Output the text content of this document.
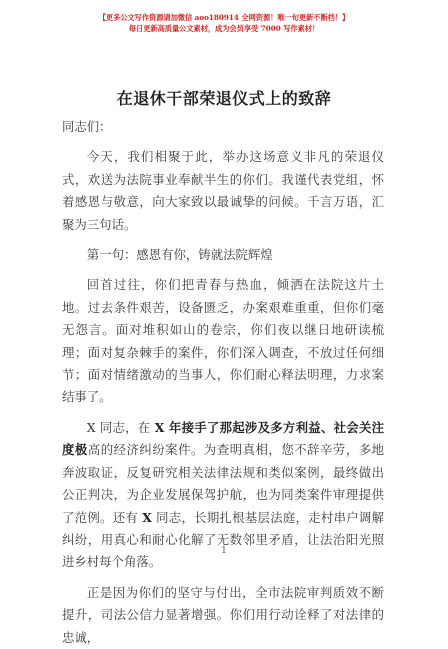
【更多公文写作资源请加微信 aoo180914 全网资源！唯一旬更新不断档！】
每日更新高质量公文素材，成为会员享受 7000 写作素材！
在退休干部荣退仪式上的致辞

同志们：

今天，我们相聚于此，举办这场意义非凡的荣退仪式，欢送为法院事业奉献半生的你们。我谨代表党组，怀着感恩与敬意，向大家致以最诚挚的问候。千言万语，汇聚为三句话。

第一句：感恩有你，铸就法院辉煌

回首过往，你们把青春与热血，倾洒在法院这片土地。过去条件艰苦，设备匮乏，办案艰难重重，但你们毫无怨言。面对堆积如山的卷宗，你们夜以继日地研读梳理；面对复杂棘手的案件，你们深入调查，不放过任何细节；面对情绪激动的当事人，你们耐心释法明理，力求案结事了。

X 同志，在 X 年接手了那起涉及多方利益、社会关注度极高的经济纠纷案件。为查明真相，您不辞辛劳，多地奔波取证，反复研究相关法律法规和类似案例，最终做出公正判决，为企业发展保驾护航，也为同类案件审理提供了范例。还有 X 同志，长期扎根基层法庭，走村串户调解纠纷，用真心和耐心化解了无数邻里矛盾，让法治阳光照进乡村每个角落。

正是因为你们的坚守与付出，全市法院审判质效不断提升，司法公信力显著增强。你们用行动诠释了对法律的忠诚，

1
